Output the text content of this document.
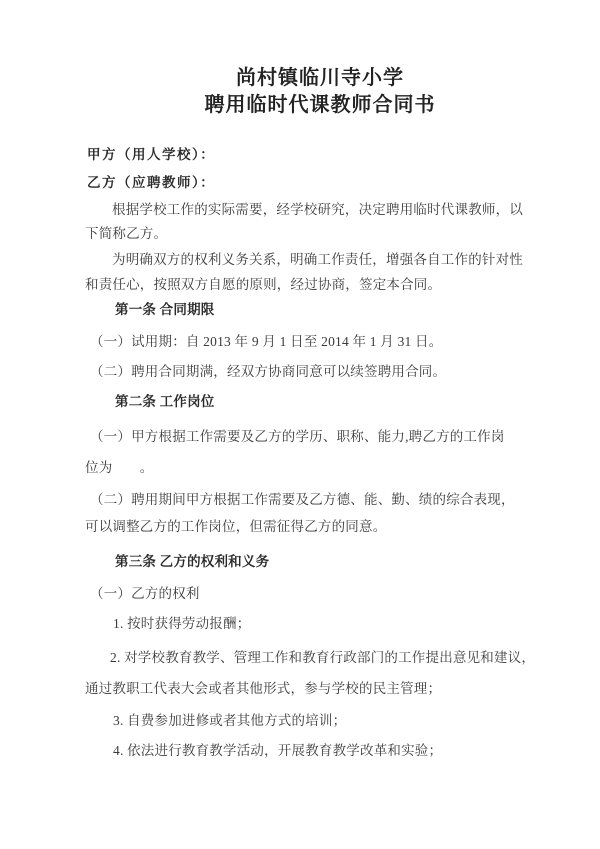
尚村镇临川寺小学
聘用临时代课教师合同书
甲方（用人学校）：
乙方（应聘教师）：
根据学校工作的实际需要，经学校研究，决定聘用临时代课教师，以
下简称乙方。
为明确双方的权利义务关系，明确工作责任，增强各自工作的针对性
和责任心，按照双方自愿的原则，经过协商，签定本合同。
第一条 合同期限
（一）试用期：自 2013 年 9 月 1 日至 2014 年 1 月 31 日。
（二）聘用合同期满，经双方协商同意可以续签聘用合同。
第二条 工作岗位
（一）甲方根据工作需要及乙方的学历、职称、能力,聘乙方的工作岗
位为　　。
（二）聘用期间甲方根据工作需要及乙方德、能、勤、绩的综合表现，
可以调整乙方的工作岗位，但需征得乙方的同意。
第三条 乙方的权利和义务
（一）乙方的权利
1. 按时获得劳动报酬；
2. 对学校教育教学、管理工作和教育行政部门的工作提出意见和建议，
通过教职工代表大会或者其他形式，参与学校的民主管理；
3. 自费参加进修或者其他方式的培训；
4. 依法进行教育教学活动，开展教育教学改革和实验；
